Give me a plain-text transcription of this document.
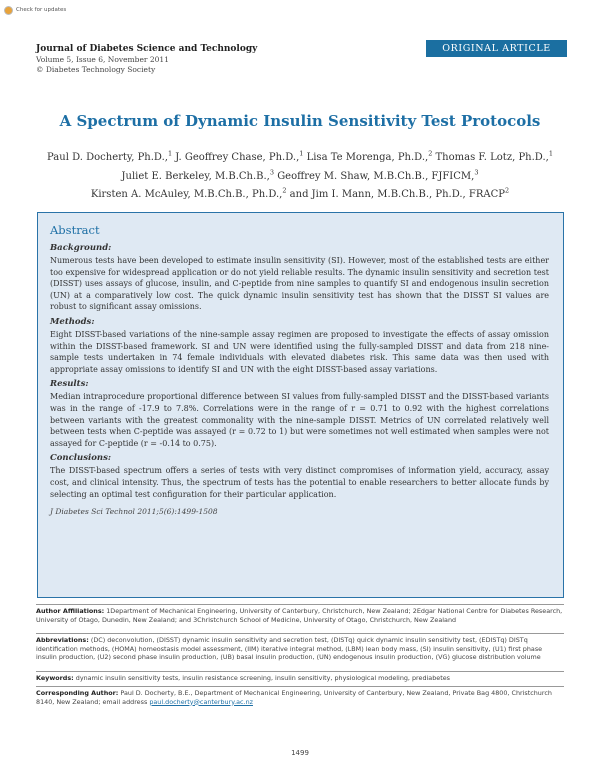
Check for updates
Journal of Diabetes Science and Technology
Volume 5, Issue 6, November 2011
© Diabetes Technology Society
ORIGINAL ARTICLE
A Spectrum of Dynamic Insulin Sensitivity Test Protocols
Paul D. Docherty, Ph.D.,$^1$ J. Geoffrey Chase, Ph.D.,$^1$ Lisa Te Morenga, Ph.D.,$^2$ Thomas F. Lotz, Ph.D.,$^1$
Juliet E. Berkeley, M.B.Ch.B.,$^3$ Geoffrey M. Shaw, M.B.Ch.B., FJFICM,$^3$
Kirsten A. McAuley, M.B.Ch.B., Ph.D.,$^2$ and Jim I. Mann, M.B.Ch.B., Ph.D., FRACP$^2$
Abstract
Background:

Numerous tests have been developed to estimate insulin sensitivity (SI). However, most of the established tests are either too expensive for widespread application or do not yield reliable results. The dynamic insulin sensitivity and secretion test (DISST) uses assays of glucose, insulin, and C-peptide from nine samples to quantify SI and endogenous insulin secretion (UN) at a comparatively low cost. The quick dynamic insulin sensitivity test has shown that the DISST SI values are robust to significant assay omissions.

Methods:

Eight DISST-based variations of the nine-sample assay regimen are proposed to investigate the effects of assay omission within the DISST-based framework. SI and UN were identified using the fully-sampled DISST and data from 218 nine-sample tests undertaken in 74 female individuals with elevated diabetes risk. This same data was then used with appropriate assay omissions to identify SI and UN with the eight DISST-based assay variations.

Results:

Median intraprocedure proportional difference between SI values from fully-sampled DISST and the DISST-based variants was in the range of -17.9 to 7.8%. Correlations were in the range of r = 0.71 to 0.92 with the highest correlations between variants with the greatest commonality with the nine-sample DISST. Metrics of UN correlated relatively well between tests when C-peptide was assayed (r = 0.72 to 1) but were sometimes not well estimated when samples were not assayed for C-peptide (r = -0.14 to 0.75).

Conclusions:

The DISST-based spectrum offers a series of tests with very distinct compromises of information yield, accuracy, assay cost, and clinical intensity. Thus, the spectrum of tests has the potential to enable researchers to better allocate funds by selecting an optimal test configuration for their particular application.

J Diabetes Sci Technol 2011;5(6):1499-1508

Author Affiliations: 1Department of Mechanical Engineering, University of Canterbury, Christchurch, New Zealand; 2Edgar National Centre for Diabetes Research, University of Otago, Dunedin, New Zealand; and 3Christchurch School of Medicine, University of Otago, Christchurch, New Zealand
Abbreviations: (DC) deconvolution, (DISST) dynamic insulin sensitivity and secretion test, (DISTq) quick dynamic insulin sensitivity test, (EDISTq) DISTq identification methods, (HOMA) homeostasis model assessment, (IIM) iterative integral method, (LBM) lean body mass, (SI) insulin sensitivity, (U1) first phase insulin production, (U2) second phase insulin production, (UB) basal insulin production, (UN) endogenous insulin production, (VG) glucose distribution volume
Keywords: dynamic insulin sensitivity tests, insulin resistance screening, insulin sensitivity, physiological modeling, prediabetes
Corresponding Author: Paul D. Docherty, B.E., Department of Mechanical Engineering, University of Canterbury, New Zealand, Private Bag 4800, Christchurch 8140, New Zealand; email address paul.docherty@canterbury.ac.nz
1499
